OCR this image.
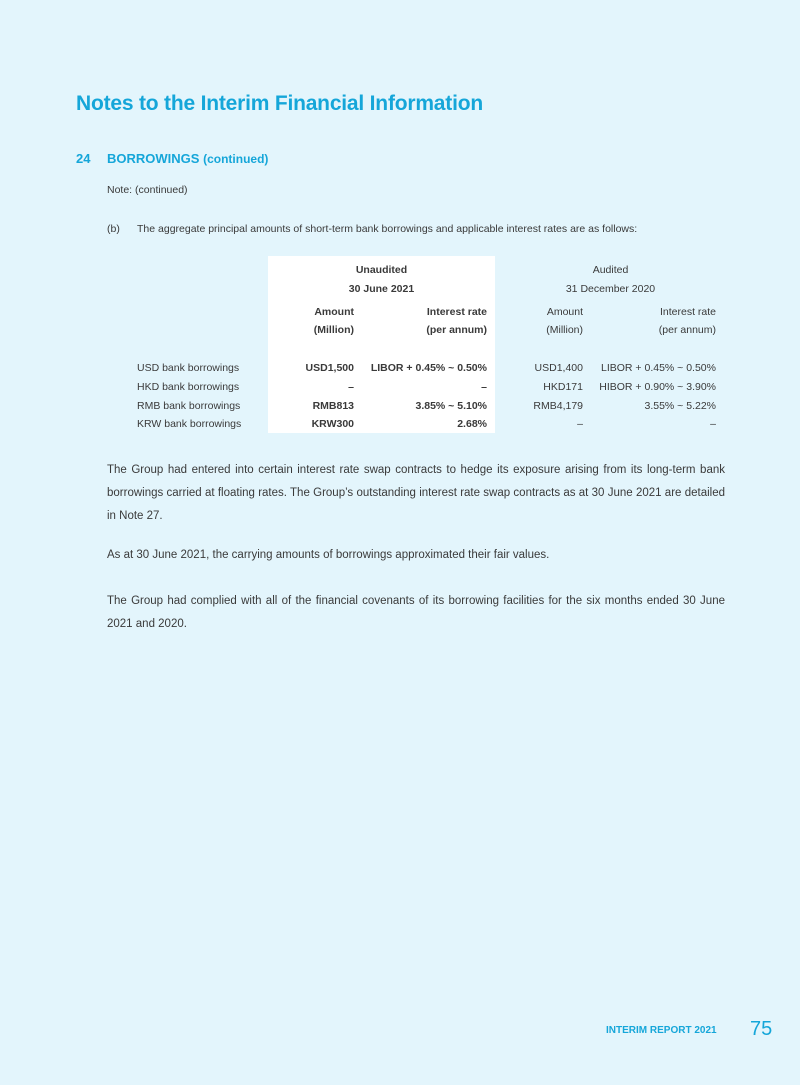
Notes to the Interim Financial Information
24 BORROWINGS (continued)
Note: (continued)
(b) The aggregate principal amounts of short-term bank borrowings and applicable interest rates are as follows:
Unaudited
30 June 2021
Audited
31 December 2020
Amount
(Million)
Interest rate
(per annum)
Amount
(Million)
Interest rate
(per annum)
USD bank borrowings	USD1,500	LIBOR + 0.45% ~ 0.50%	USD1,400	LIBOR + 0.45% ~ 0.50%
HKD bank borrowings	–	–	HKD171	HIBOR + 0.90% ~ 3.90%
RMB bank borrowings	RMB813	3.85% ~ 5.10%	RMB4,179	3.55% ~ 5.22%
KRW bank borrowings	KRW300	2.68%	–	–
The Group had entered into certain interest rate swap contracts to hedge its exposure arising from its long-term bank borrowings carried at floating rates. The Group’s outstanding interest rate swap contracts as at 30 June 2021 are detailed in Note 27.
As at 30 June 2021, the carrying amounts of borrowings approximated their fair values.
The Group had complied with all of the financial covenants of its borrowing facilities for the six months ended 30 June 2021 and 2020.
INTERIM REPORT 2021 75
